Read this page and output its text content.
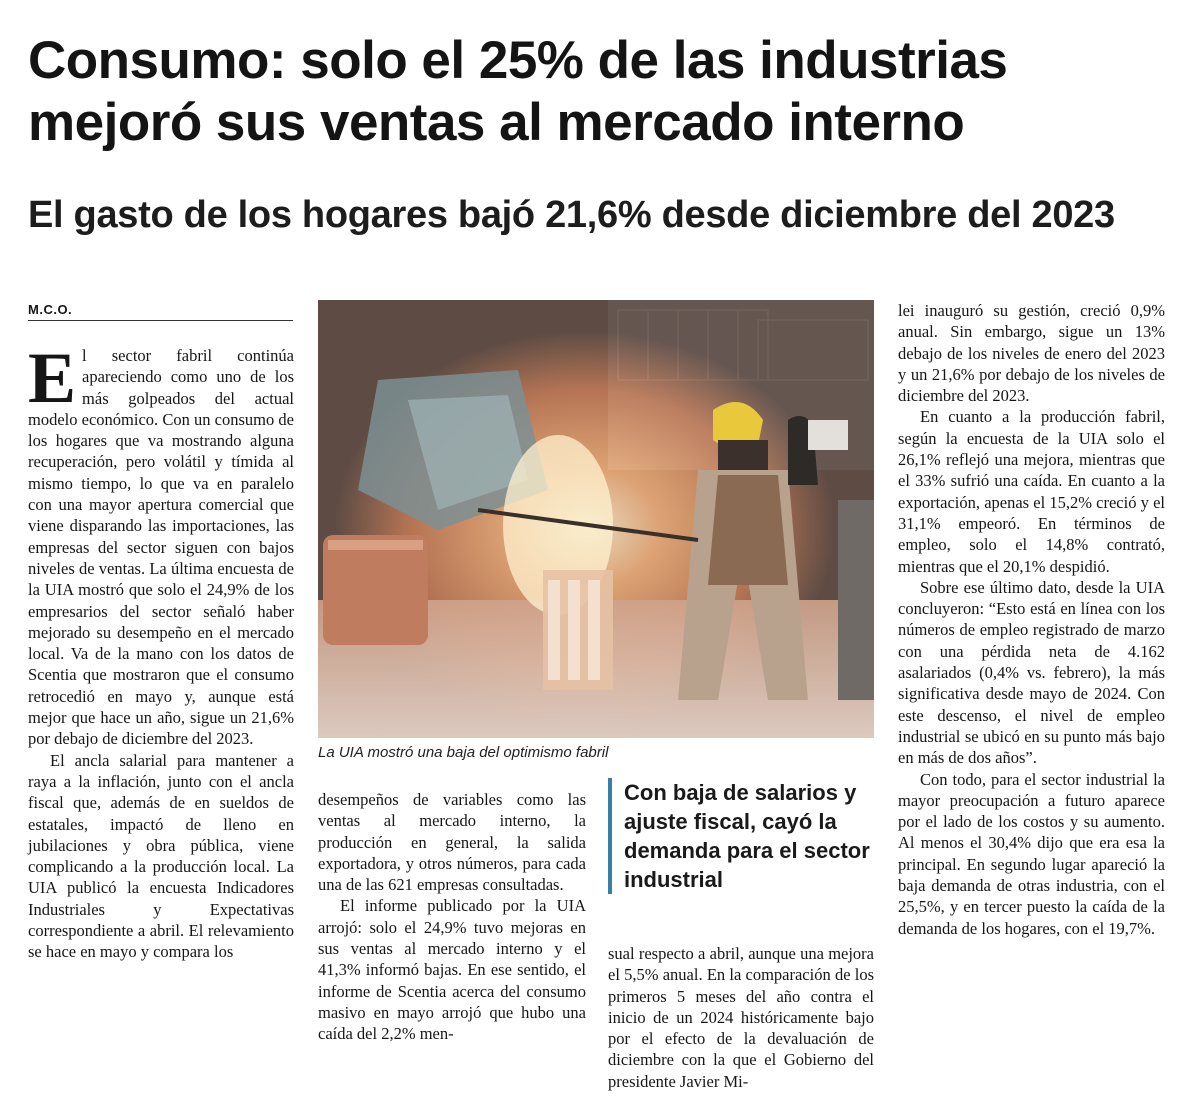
Consumo: solo el 25% de las industrias mejoró sus ventas al mercado interno
El gasto de los hogares bajó 21,6% desde diciembre del 2023
M.C.O.

El sector fabril continúa apareciendo como uno de los más golpeados del actual modelo económico. Con un consumo de los hogares que va mostrando alguna recuperación, pero volátil y tímida al mismo tiempo, lo que va en paralelo con una mayor apertura comercial que viene disparando las importaciones, las empresas del sector siguen con bajos niveles de ventas. La última encuesta de la UIA mostró que solo el 24,9% de los empresarios del sector señaló haber mejorado su desempeño en el mercado local. Va de la mano con los datos de Scentia que mostraron que el consumo retrocedió en mayo y, aunque está mejor que hace un año, sigue un 21,6% por debajo de diciembre del 2023.

El ancla salarial para mantener a raya a la inflación, junto con el ancla fiscal que, además de en sueldos de estatales, impactó de lleno en jubilaciones y obra pública, viene complicando a la producción local. La UIA publicó la encuesta Indicadores Industriales y Expectativas correspondiente a abril. El relevamiento se hace en mayo y compara los

La UIA mostró una baja del optimismo fabril
Con baja de salarios y ajuste fiscal, cayó la demanda para el sector industrial

desempeños de variables como las ventas al mercado interno, la producción en general, la salida exportadora, y otros números, para cada una de las 621 empresas consultadas.

El informe publicado por la UIA arrojó: solo el 24,9% tuvo mejoras en sus ventas al mercado interno y el 41,3% informó bajas. En ese sentido, el informe de Scentia acerca del consumo masivo en mayo arrojó que hubo una caída del 2,2% men-

sual respecto a abril, aunque una mejora el 5,5% anual. En la comparación de los primeros 5 meses del año contra el inicio de un 2024 históricamente bajo por el efecto de la devaluación de diciembre con la que el Gobierno del presidente Javier Mi-

lei inauguró su gestión, creció 0,9% anual. Sin embargo, sigue un 13% debajo de los niveles de enero del 2023 y un 21,6% por debajo de los niveles de diciembre del 2023.

En cuanto a la producción fabril, según la encuesta de la UIA solo el 26,1% reflejó una mejora, mientras que el 33% sufrió una caída. En cuanto a la exportación, apenas el 15,2% creció y el 31,1% empeoró. En términos de empleo, solo el 14,8% contrató, mientras que el 20,1% despidió.

Sobre ese último dato, desde la UIA concluyeron: “Esto está en línea con los números de empleo registrado de marzo con una pérdida neta de 4.162 asalariados (0,4% vs. febrero), la más significativa desde mayo de 2024. Con este descenso, el nivel de empleo industrial se ubicó en su punto más bajo en más de dos años”.

Con todo, para el sector industrial la mayor preocupación a futuro aparece por el lado de los costos y su aumento. Al menos el 30,4% dijo que era esa la principal. En segundo lugar apareció la baja demanda de otras industria, con el 25,5%, y en tercer puesto la caída de la demanda de los hogares, con el 19,7%.
